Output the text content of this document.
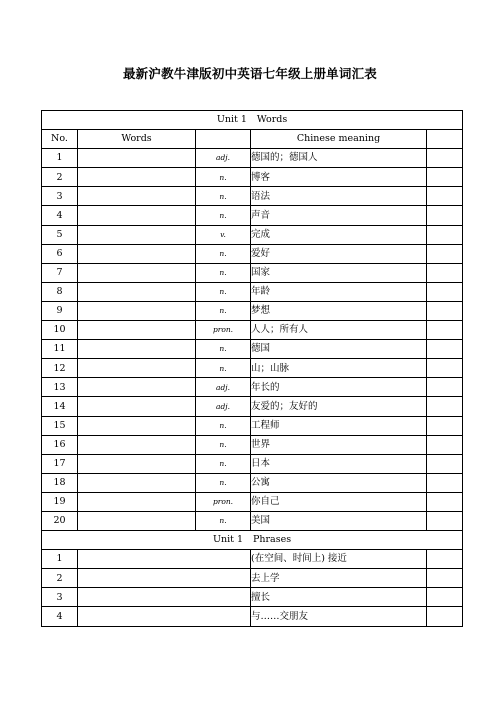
最新沪教牛津版初中英语七年级上册单词汇表
Unit 1 Words				
No.	Words		Chinese meaning	
1		adj.	德国的；德国人	
2		n.	博客	
3		n.	语法	
4		n.	声音	
5		v.	完成	
6		n.	爱好	
7		n.	国家	
8		n.	年龄	
9		n.	梦想	
10		pron.	人人；所有人	
11		n.	德国	
12		n.	山；山脉	
13		adj.	年长的	
14		adj.	友爱的；友好的	
15		n.	工程师	
16		n.	世界	
17		n.	日本	
18		n.	公寓	
19		pron.	你自己	
20		n.	美国	
Unit 1 Phrases				
1			(在空间、时间上) 接近	
2			去上学	
3			擅长	
4			与……交朋友	
